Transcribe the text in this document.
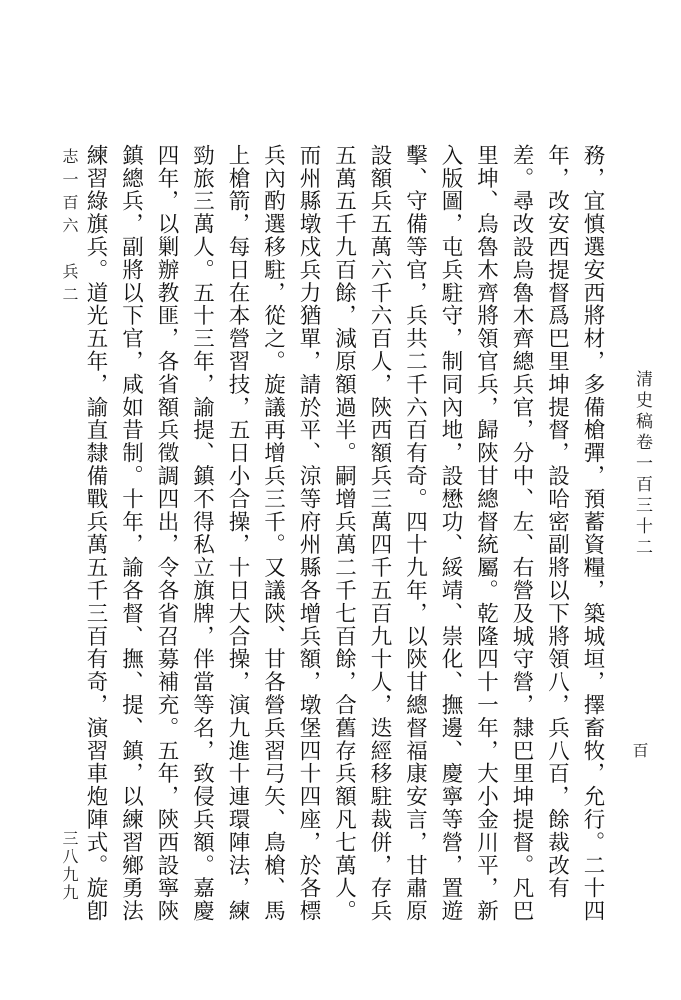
清史稿卷一百三十二
百
務，宜慎選安西將材，多備槍彈，預蓄資糧，築城垣，擇畜牧，允行。二十四年，改安西提督爲巴里坤提督，設哈密副將以下將領八，兵八百，餘裁改有差。尋改設烏魯木齊總兵官，分中、左、右營及城守營，隸巴里坤提督。凡巴里坤、烏魯木齊將領官兵，歸陝甘總督統屬。乾隆四十一年，大小金川平，新入版圖，屯兵駐守，制同內地，設懋功、綏靖、崇化、撫邊、慶寧等營，置遊擊、守備等官，兵共二千六百有奇。四十九年，以陝甘總督福康安言，甘肅原設額兵五萬六千六百人，陝西額兵三萬四千五百九十人，迭經移駐裁併，存兵五萬五千九百餘，減原額過半。嗣增兵萬二千七百餘，合舊存兵額凡七萬人。而州縣墩戍兵力猶單，請於平、涼等府州縣各增兵額，墩堡四十四座，於各標兵內酌選移駐，從之。旋議再增兵三千。又議陝、甘各營兵習弓矢、鳥槍、馬上槍箭，每日在本營習技，五日小合操，十日大合操，演九進十連環陣法，練勁旅三萬人。五十三年，諭提、鎮不得私立旗牌，伴當等名，致侵兵額。嘉慶四年，以剿辦教匪，各省額兵徵調四出，令各省召募補充。五年，陝西設寧陝鎮總兵，副將以下官，咸如昔制。十年，諭各督、撫、提、鎮，以練習鄉勇法練習綠旗兵。道光五年，諭直隸備戰兵萬五千三百有奇，演習車炮陣式。旋卽
志一百六　兵二
三八九九
